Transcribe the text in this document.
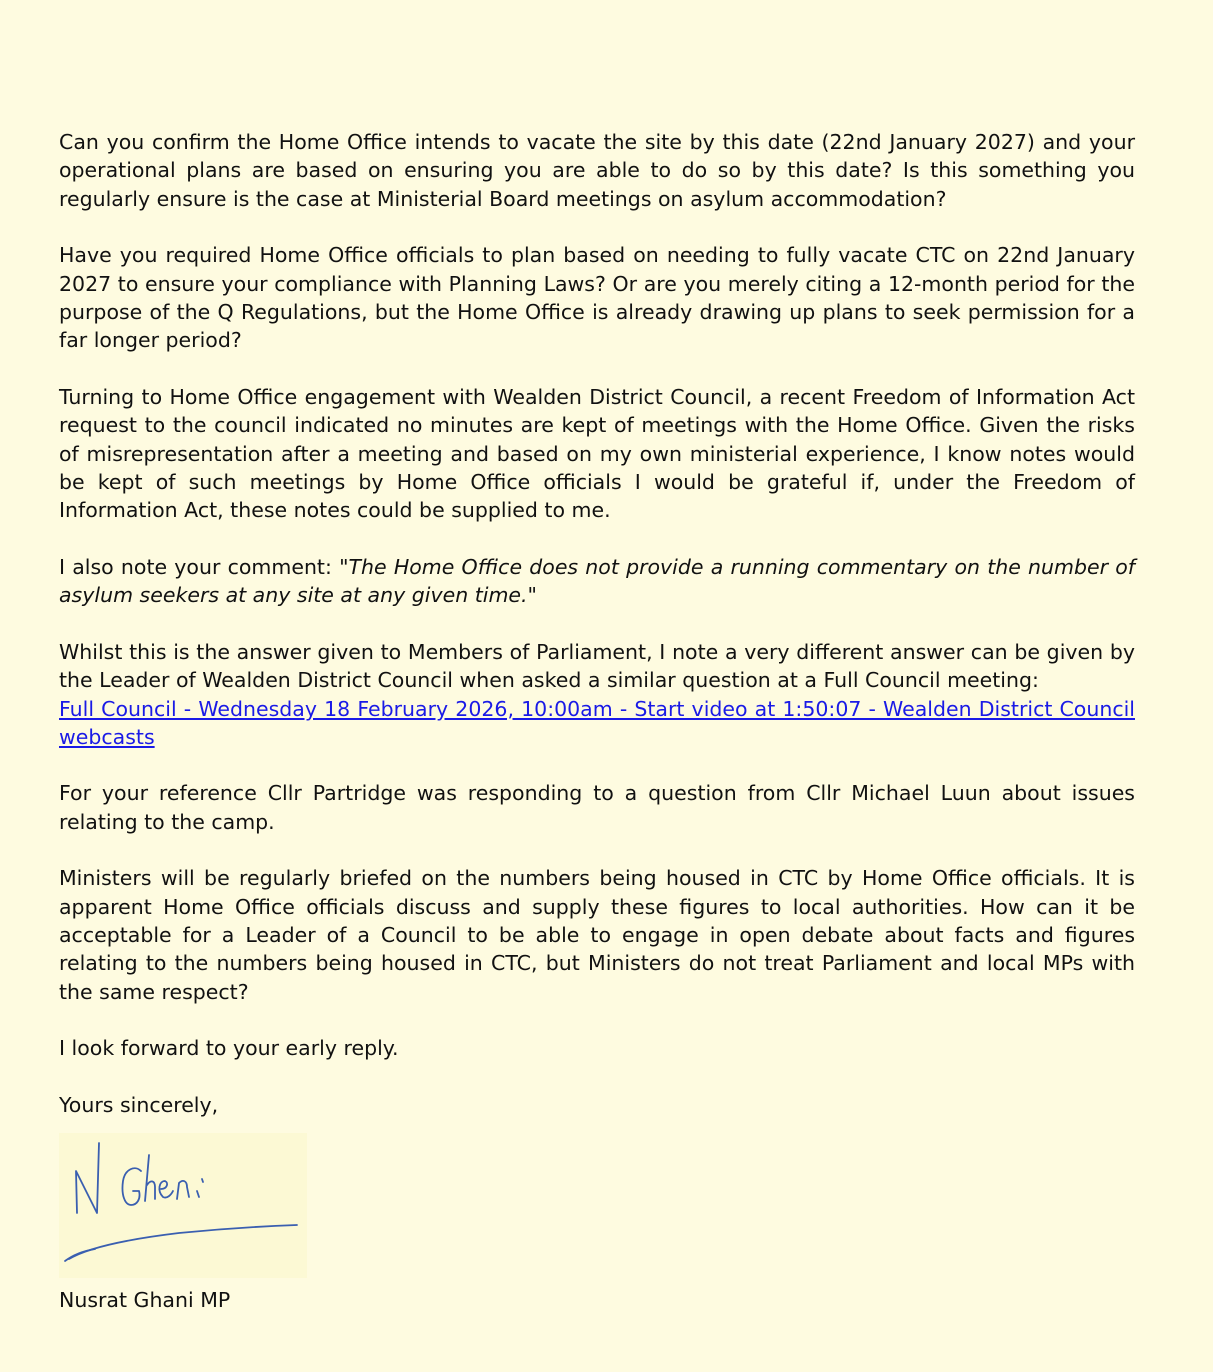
Can you confirm the Home Office intends to vacate the site by this date (22nd January 2027) and your operational plans are based on ensuring you are able to do so by this date? Is this something you regularly ensure is the case at Ministerial Board meetings on asylum accommodation?

Have you required Home Office officials to plan based on needing to fully vacate CTC on 22nd January 2027 to ensure your compliance with Planning Laws? Or are you merely citing a 12-month period for the purpose of the Q Regulations, but the Home Office is already drawing up plans to seek permission for a far longer period?

Turning to Home Office engagement with Wealden District Council, a recent Freedom of Information Act request to the council indicated no minutes are kept of meetings with the Home Office. Given the risks of misrepresentation after a meeting and based on my own ministerial experience, I know notes would be kept of such meetings by Home Office officials I would be grateful if, under the Freedom of Information Act, these notes could be supplied to me.

I also note your comment: "The Home Office does not provide a running commentary on the number of asylum seekers at any site at any given time."

Whilst this is the answer given to Members of Parliament, I note a very different answer can be given by the Leader of Wealden District Council when asked a similar question at a Full Council meeting:
Full Council - Wednesday 18 February 2026, 10:00am - Start video at 1:50:07 - Wealden District Council webcasts

For your reference Cllr Partridge was responding to a question from Cllr Michael Luun about issues relating to the camp.

Ministers will be regularly briefed on the numbers being housed in CTC by Home Office officials. It is apparent Home Office officials discuss and supply these figures to local authorities. How can it be acceptable for a Leader of a Council to be able to engage in open debate about facts and figures relating to the numbers being housed in CTC, but Ministers do not treat Parliament and local MPs with the same respect?

I look forward to your early reply.

Yours sincerely,

Nusrat Ghani MP
